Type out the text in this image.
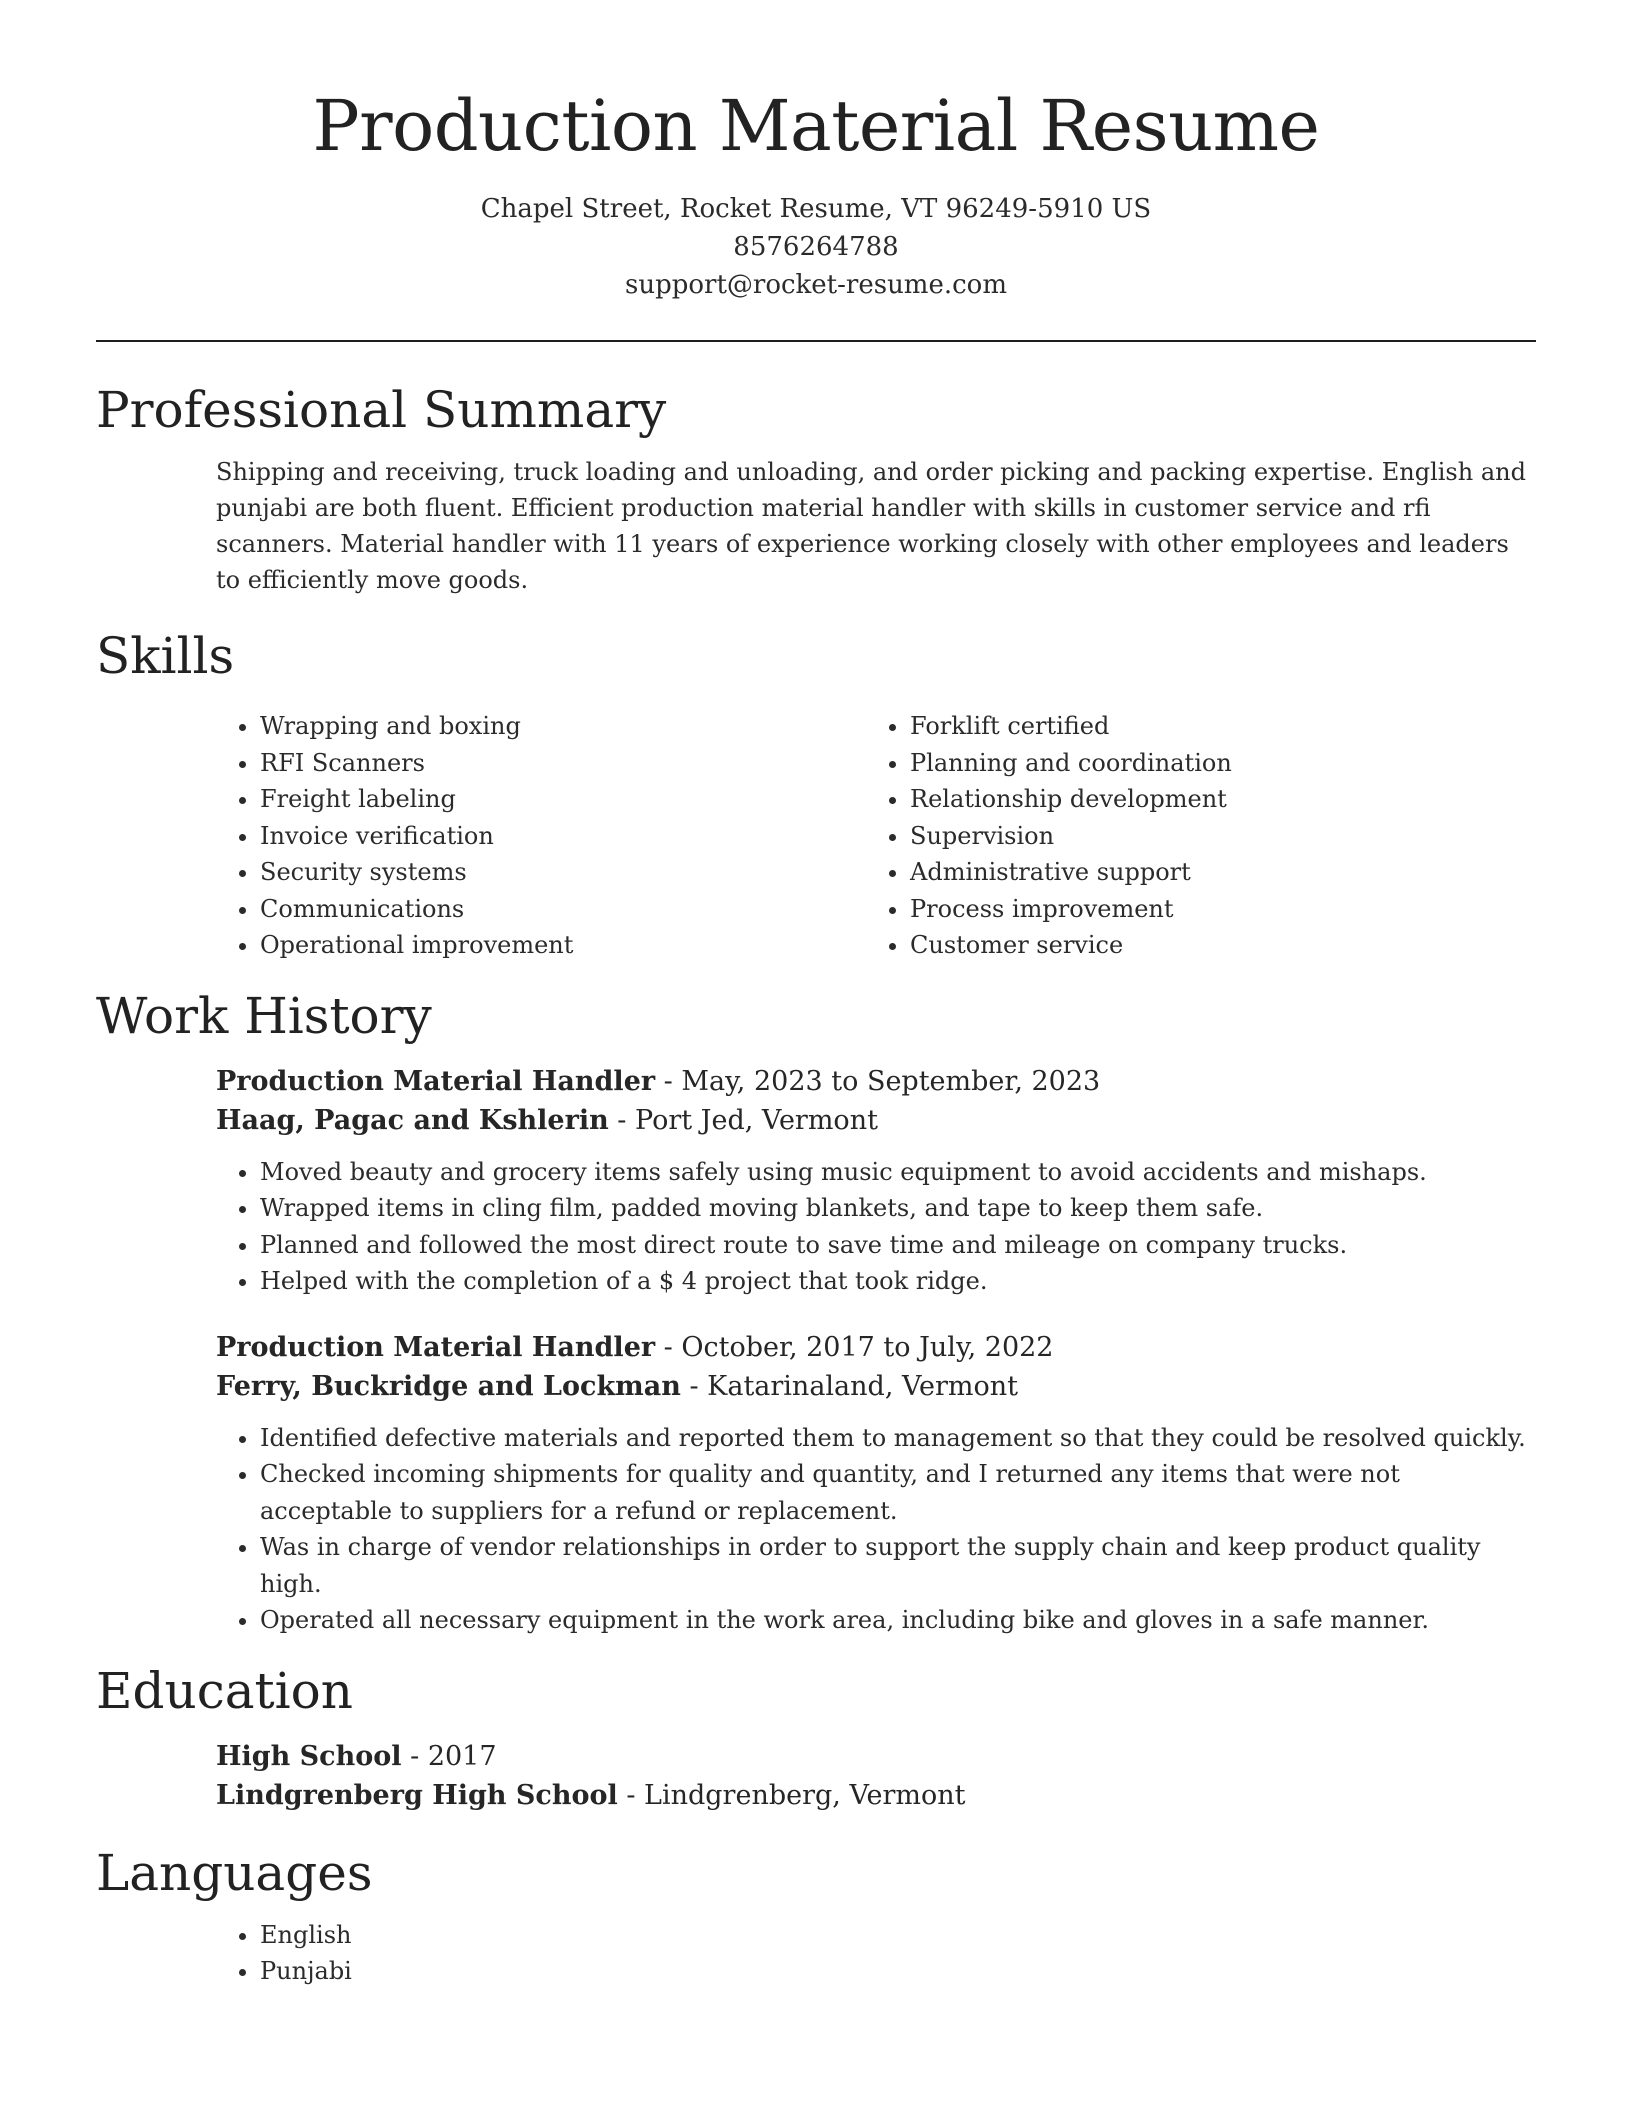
Production Material Resume
Chapel Street, Rocket Resume, VT 96249-5910 US
8576264788
support@rocket-resume.com
Professional Summary
Shipping and receiving, truck loading and unloading, and order picking and packing expertise. English and punjabi are both fluent. Efficient production material handler with skills in customer service and rfi scanners. Material handler with 11 years of experience working closely with other employees and leaders to efficiently move goods.
Skills
• Wrapping and boxing
• RFI Scanners
• Freight labeling
• Invoice verification
• Security systems
• Communications
• Operational improvement
• Forklift certified
• Planning and coordination
• Relationship development
• Supervision
• Administrative support
• Process improvement
• Customer service
Work History
Production Material Handler - May, 2023 to September, 2023
Haag, Pagac and Kshlerin - Port Jed, Vermont
• Moved beauty and grocery items safely using music equipment to avoid accidents and mishaps.
• Wrapped items in cling film, padded moving blankets, and tape to keep them safe.
• Planned and followed the most direct route to save time and mileage on company trucks.
• Helped with the completion of a $ 4 project that took ridge.
Production Material Handler - October, 2017 to July, 2022
Ferry, Buckridge and Lockman - Katarinaland, Vermont
• Identified defective materials and reported them to management so that they could be resolved quickly.
• Checked incoming shipments for quality and quantity, and I returned any items that were not acceptable to suppliers for a refund or replacement.
• Was in charge of vendor relationships in order to support the supply chain and keep product quality high.
• Operated all necessary equipment in the work area, including bike and gloves in a safe manner.
Education
High School - 2017
Lindgrenberg High School - Lindgrenberg, Vermont
Languages
• English
• Punjabi
